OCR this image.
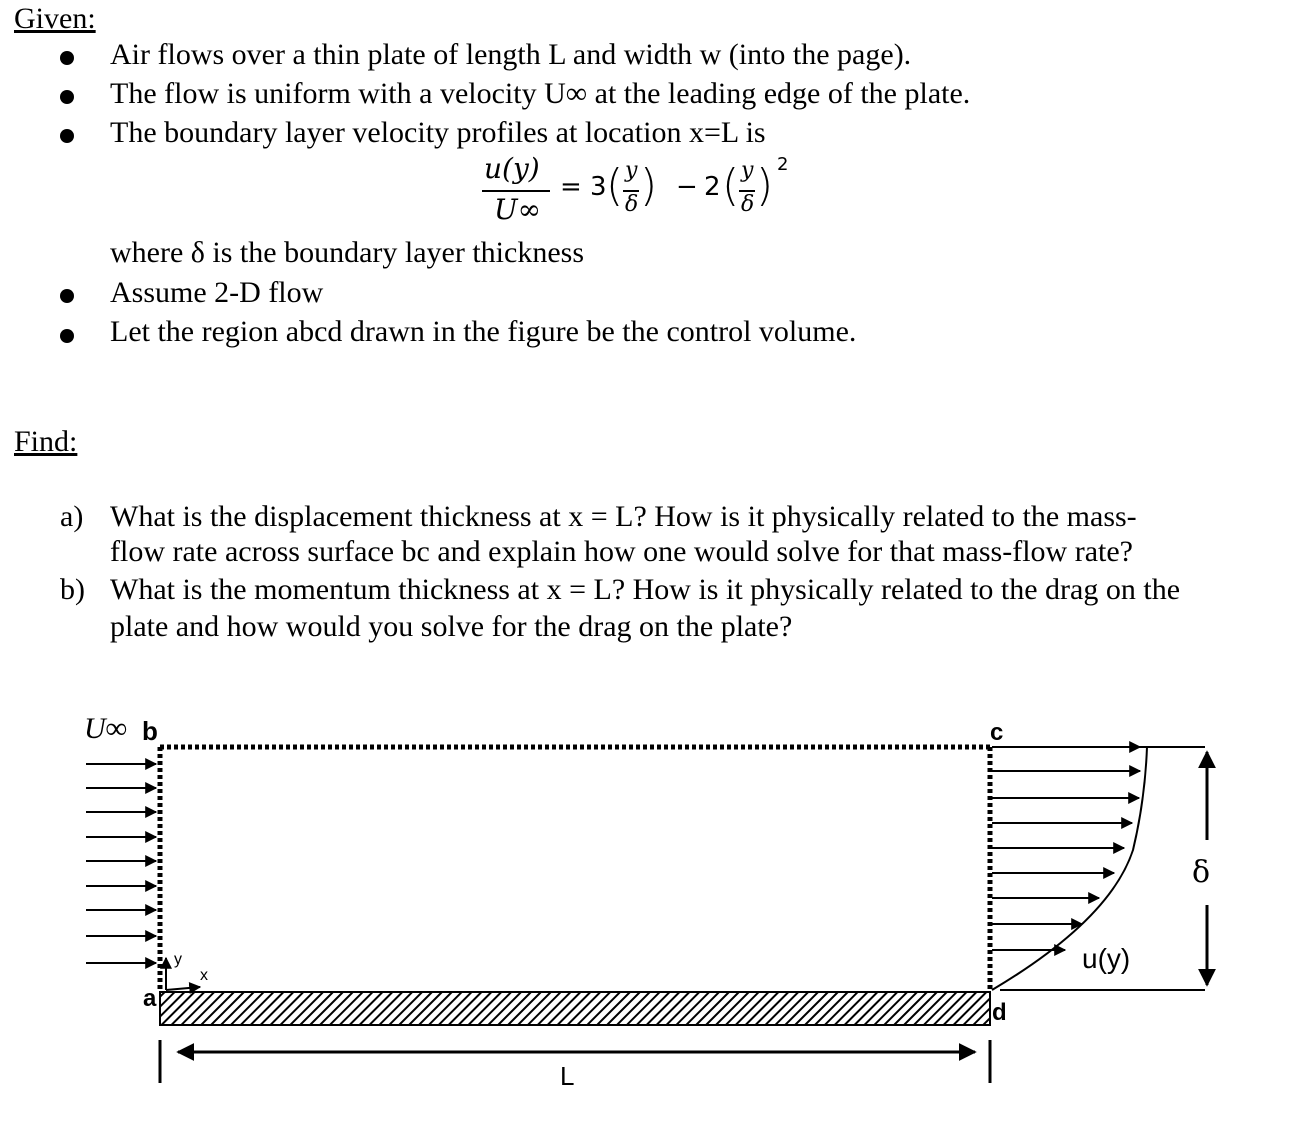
Given:
Air flows over a thin plate of length L and width w (into the page).
The flow is uniform with a velocity U∞ at the leading edge of the plate.
The boundary layer velocity profiles at location x=L is
u(y)
U∞
= 3 ( y
δ ) − 2 ( y
δ ) 2
where δ is the boundary layer thickness
Assume 2-D flow
Let the region abcd drawn in the figure be the control volume.
Find:
a) What is the displacement thickness at x = L? How is it physically related to the mass-
flow rate across surface bc and explain how one would solve for that mass-flow rate?
b) What is the momentum thickness at x = L? How is it physically related to the drag on the
plate and how would you solve for the drag on the plate?
U∞ b	c
a
d
y
x
L
δ
u(y)
